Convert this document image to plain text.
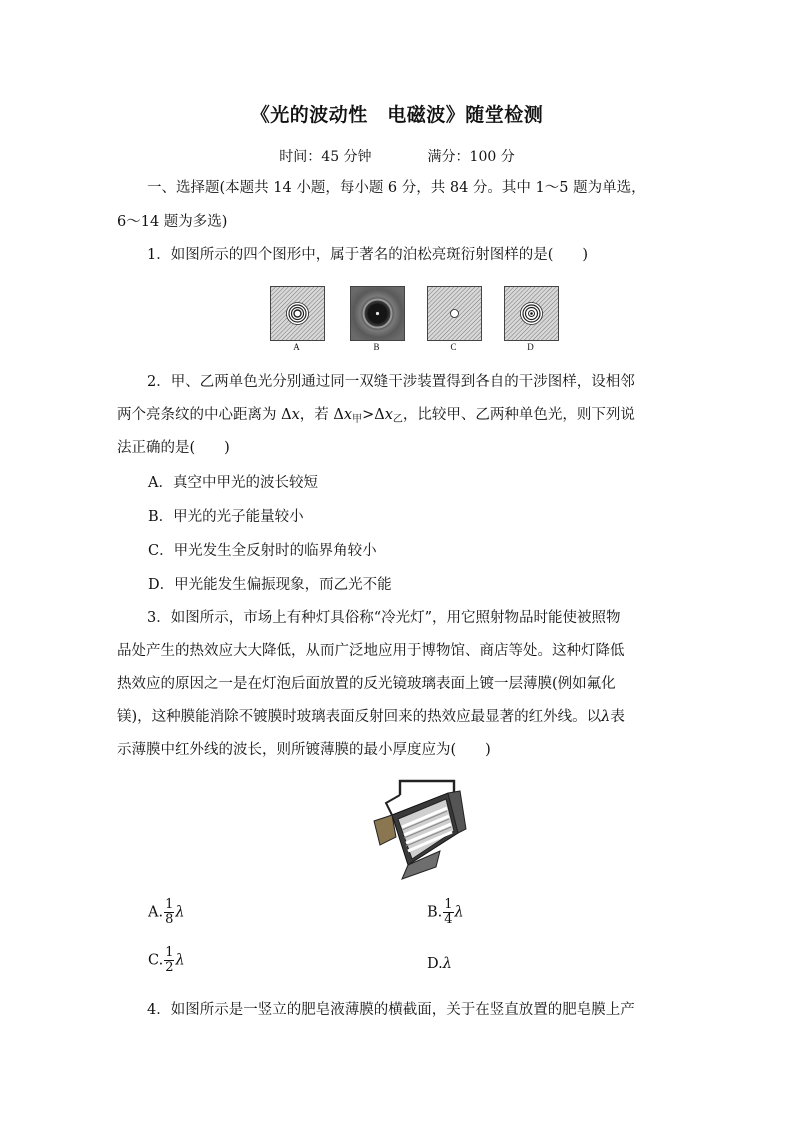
《光的波动性　电磁波》随堂检测
时间：45 分钟	满分：100 分

一、选择题(本题共 14 小题，每小题 6 分，共 84 分。其中 1～5 题为单选，

6～14 题为多选)

1．如图所示的四个图形中，属于著名的泊松亮斑衍射图样的是(　　)

A	B	C	D

2．甲、乙两单色光分别通过同一双缝干涉装置得到各自的干涉图样，设相邻

两个亮条纹的中心距离为 Δx，若 $\Delta x_甲>\Delta x_乙$，比较甲、乙两种单色光，则下列说

法正确的是(　　)

A．真空中甲光的波长较短
B．甲光的光子能量较小
C．甲光发生全反射时的临界角较小
D．甲光能发生偏振现象，而乙光不能

3．如图所示，市场上有种灯具俗称“冷光灯”，用它照射物品时能使被照物

品处产生的热效应大大降低，从而广泛地应用于博物馆、商店等处。这种灯降低

热效应的原因之一是在灯泡后面放置的反光镜玻璃表面上镀一层薄膜(例如氟化

镁)，这种膜能消除不镀膜时玻璃表面反射回来的热效应最显著的红外线。以λ表

示薄膜中红外线的波长，则所镀薄膜的最小厚度应为(　　)

A. $\frac{1}{8}$ λ	B. $\frac{1}{4}$ λ
C. $\frac{1}{2}$ λ	D.λ

4．如图所示是一竖立的肥皂液薄膜的横截面，关于在竖直放置的肥皂膜上产
